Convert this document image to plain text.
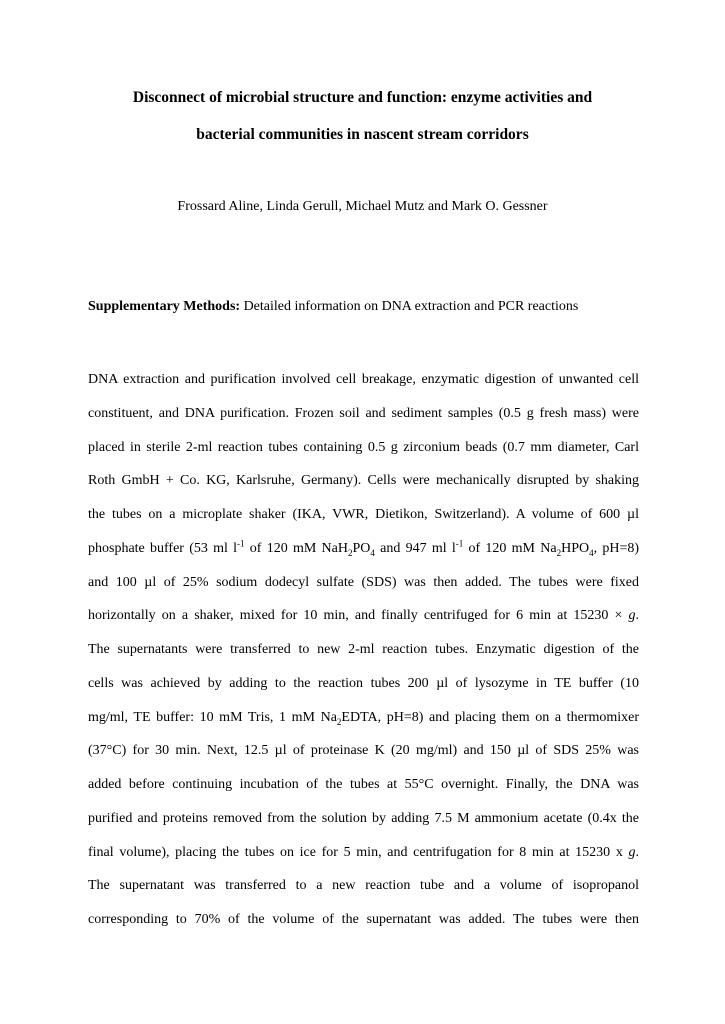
Disconnect of microbial structure and function: enzyme activities and
bacterial communities in nascent stream corridors
Frossard Aline, Linda Gerull, Michael Mutz and Mark O. Gessner
Supplementary Methods: Detailed information on DNA extraction and PCR reactions
DNA extraction and purification involved cell breakage, enzymatic digestion of unwanted cell
constituent, and DNA purification. Frozen soil and sediment samples (0.5 g fresh mass) were
placed in sterile 2-ml reaction tubes containing 0.5 g zirconium beads (0.7 mm diameter, Carl
Roth GmbH + Co. KG, Karlsruhe, Germany). Cells were mechanically disrupted by shaking
the tubes on a microplate shaker (IKA, VWR, Dietikon, Switzerland). A volume of 600 µl
phosphate buffer (53 ml $l^{-1}$ of 120 mM $NaH_2PO_4$ and 947 ml $l^{-1}$ of 120 mM $Na_2HPO_4$, pH=8)
and 100 µl of 25% sodium dodecyl sulfate (SDS) was then added. The tubes were fixed
horizontally on a shaker, mixed for 10 min, and finally centrifuged for 6 min at 15230 × g.
The supernatants were transferred to new 2-ml reaction tubes. Enzymatic digestion of the
cells was achieved by adding to the reaction tubes 200 µl of lysozyme in TE buffer (10
mg/ml, TE buffer: 10 mM Tris, 1 mM $Na_2EDTA$, pH=8) and placing them on a thermomixer
(37°C) for 30 min. Next, 12.5 µl of proteinase K (20 mg/ml) and 150 µl of SDS 25% was
added before continuing incubation of the tubes at 55°C overnight. Finally, the DNA was
purified and proteins removed from the solution by adding 7.5 M ammonium acetate (0.4x the
final volume), placing the tubes on ice for 5 min, and centrifugation for 8 min at 15230 x g.
The supernatant was transferred to a new reaction tube and a volume of isopropanol
corresponding to 70% of the volume of the supernatant was added. The tubes were then
